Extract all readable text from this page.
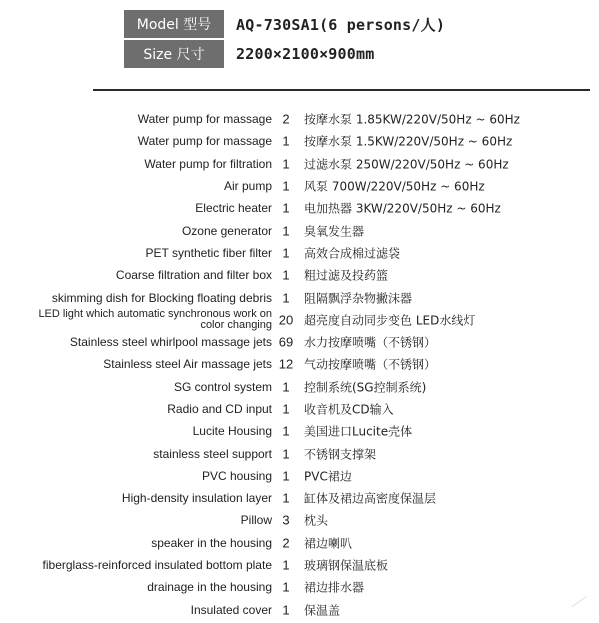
Model 型号	AQ-730SA1(6 persons/人)
Size 尺寸	2200×2100×900mm
Water pump for massage 2 按摩水泵 1.85KW/220V/50Hz ~ 60Hz
Water pump for massage 1 按摩水泵 1.5KW/220V/50Hz ~ 60Hz
Water pump for filtration 1 过滤水泵 250W/220V/50Hz ~ 60Hz
Air pump 1 风泵 700W/220V/50Hz ~ 60Hz
Electric heater 1 电加热器 3KW/220V/50Hz ~ 60Hz
Ozone generator 1 臭氧发生器
PET synthetic fiber filter 1 高效合成棉过滤袋
Coarse filtration and filter box 1 粗过滤及投药篮
skimming dish for Blocking floating debris 1 阻隔飘浮杂物撇沫器
LED light which automatic synchronous work on color changing 20 超亮度自动同步变色 LED水线灯
Stainless steel whirlpool massage jets 69 水力按摩喷嘴（不锈钢）
Stainless steel Air massage jets 12 气动按摩喷嘴（不锈钢）
SG control system 1 控制系统(SG控制系统)
Radio and CD input 1 收音机及CD输入
Lucite Housing 1 美国进口Lucite壳体
stainless steel support 1 不锈钢支撑架
PVC housing 1 PVC裙边
High-density insulation layer 1 缸体及裙边高密度保温层
Pillow 3 枕头
speaker in the housing 2 裙边喇叭
fiberglass-reinforced insulated bottom plate 1 玻璃钢保温底板
drainage in the housing 1 裙边排水器
Insulated cover 1 保温盖
